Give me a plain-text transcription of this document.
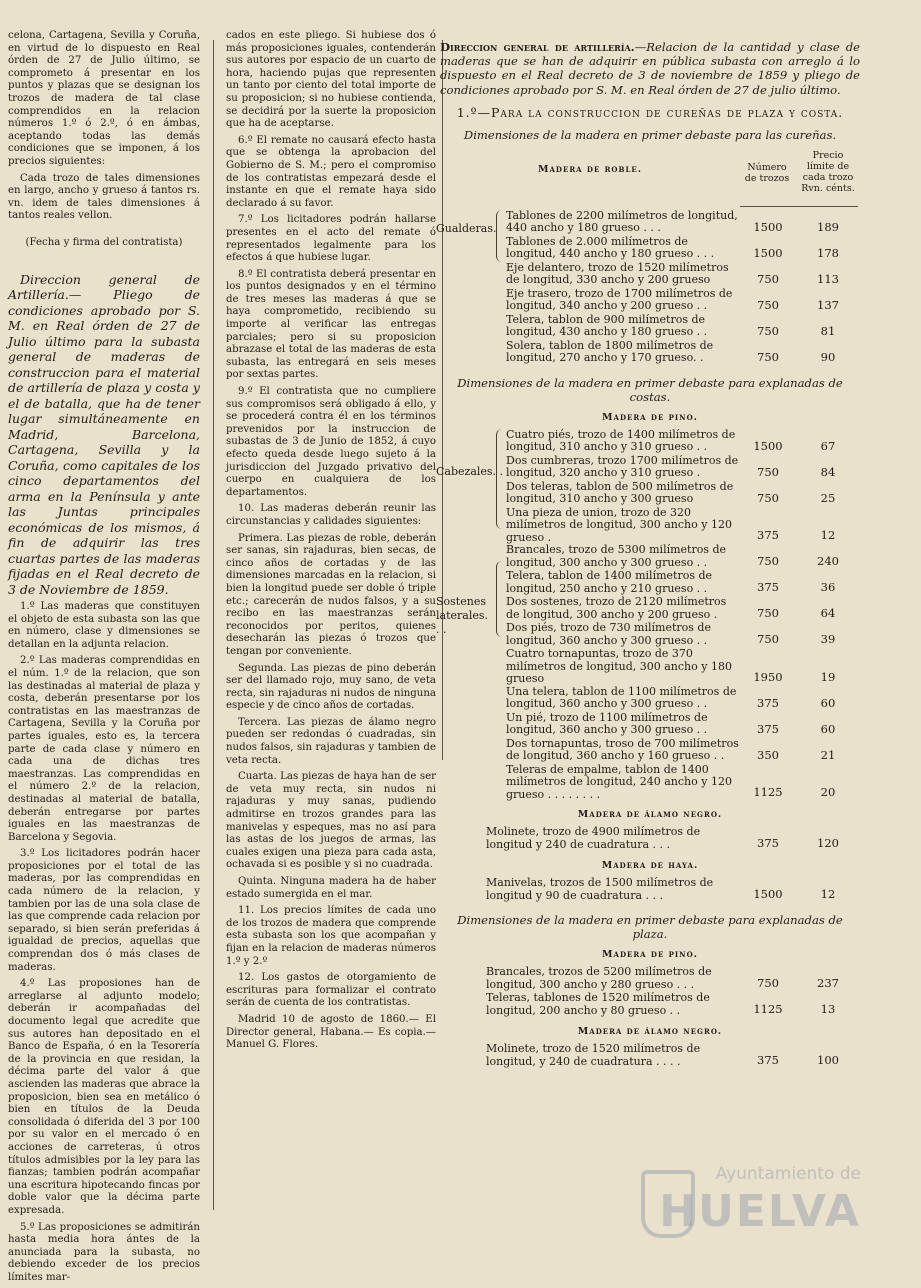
celona, Cartagena, Sevilla y Coruña, en virtud de lo dispuesto en Real órden de 27 de Julio último, se comprometo á presentar en los puntos y plazas que se designan los trozos de madera de tal clase comprendidos en la relacion números 1.º ó 2.º, ó en ámbas, aceptando todas las demás condiciones que se imponen, á los precios siguientes:

Cada trozo de tales dimensiones en largo, ancho y grueso á tantos rs. vn. idem de tales dimensiones á tantos reales vellon.

(Fecha y firma del contratista)

Direccion general de Artillería.— Pliego de condiciones aprobado por S. M. en Real órden de 27 de Julio último para la subasta general de maderas de construccion para el material de artillería de plaza y costa y el de batalla, que ha de tener lugar simultáneamente en Madrid, Barcelona, Cartagena, Sevilla y la Coruña, como capitales de los cinco departamentos del arma en la Península y ante las Juntas principales económicas de los mismos, á fin de adquirir las tres cuartas partes de las maderas fijadas en el Real decreto de 3 de Noviembre de 1859.

1.º Las maderas que constituyen el objeto de esta subasta son las que en número, clase y dimensiones se detallan en la adjunta relacion.

2.º Las maderas comprendidas en el núm. 1.º de la relacion, que son las destinadas al material de plaza y costa, deberán presentarse por los contratistas en las maestranzas de Cartagena, Sevilla y la Coruña por partes iguales, esto es, la tercera parte de cada clase y número en cada una de dichas tres maestranzas. Las comprendidas en el número 2.º de la relacion, destinadas al material de batalla, deberán entregarse por partes iguales en las maestranzas de Barcelona y Segovia.

3.º Los licitadores podrán hacer proposiciones por el total de las maderas, por las comprendidas en cada número de la relacion, y tambien por las de una sola clase de las que comprende cada relacion por separado, si bien serán preferidas á igualdad de precios, aquellas que comprendan dos ó más clases de maderas.

4.º Las proposiones han de arreglarse al adjunto modelo; deberán ir acompañadas del documento legal que acredite que sus autores han depositado en el Banco de España, ó en la Tesorería de la provincia en que residan, la décima parte del valor á que ascienden las maderas que abrace la proposicion, bien sea en metálico ó bien en títulos de la Deuda consolidada ó diferida del 3 por 100 por su valor en el mercado ó en acciones de carreteras, ú otros títulos admisibles por la ley para las fianzas; tambien podrán acompañar una escritura hipotecando fincas por doble valor que la décima parte expresada.

5.º Las proposiciones se admitirán hasta media hora ántes de la anunciada para la subasta, no debiendo exceder de los precios límites mar-

cados en este pliego. Si hubiese dos ó más proposiciones iguales, contenderán sus autores por espacio de un cuarto de hora, haciendo pujas que representen un tanto por ciento del total importe de su proposicion; si no hubiese contienda, se decidirá por la suerte la proposicion que ha de aceptarse.

6.º El remate no causará efecto hasta que se obtenga la aprobacion del Gobierno de S. M.; pero el compromiso de los contratistas empezará desde el instante en que el remate haya sido declarado á su favor.

7.º Los licitadores podrán hallarse presentes en el acto del remate ó representados legalmente para los efectos á que hubiese lugar.

8.º El contratista deberá presentar en los puntos designados y en el término de tres meses las maderas á que se haya comprometido, recibiendo su importe al verificar las entregas parciales; pero si su proposicion abrazase el total de las maderas de esta subasta, las entregará en seis meses por sextas partes.

9.º El contratista que no cumpliere sus compromisos será obligado á ello, y se procederá contra él en los términos prevenidos por la instruccion de subastas de 3 de Junio de 1852, á cuyo efecto queda desde luego sujeto á la jurisdiccion del Juzgado privativo del cuerpo en cualquiera de los departamentos.

10. Las maderas deberán reunir las circunstancias y calidades siguientes:

Primera. Las piezas de roble, deberán ser sanas, sin rajaduras, bien secas, de cinco años de cortadas y de las dimensiones marcadas en la relacion, si bien la longitud puede ser doble ó triple etc.; carecerán de nudos falsos, y a su recibo en las maestranzas serán reconocidos por peritos, quienes desecharán las piezas ó trozos que tengan por conveniente.

Segunda. Las piezas de pino deberán ser del llamado rojo, muy sano, de veta recta, sin rajaduras ni nudos de ninguna especie y de cinco años de cortadas.

Tercera. Las piezas de álamo negro pueden ser redondas ó cuadradas, sin nudos falsos, sin rajaduras y tambien de veta recta.

Cuarta. Las piezas de haya han de ser de veta muy recta, sin nudos ni rajaduras y muy sanas, pudiendo admitirse en trozos grandes para las manivelas y espeques, mas no así para las astas de los juegos de armas, las cuales exigen una pieza para cada asta, ochavada si es posible y si no cuadrada.

Quinta. Ninguna madera ha de haber estado sumergida en el mar.

11. Los precios límites de cada uno de los trozos de madera que comprende esta subasta son los que acompañan y fijan en la relacion de maderas números 1.º y 2.º

12. Los gastos de otorgamiento de escrituras para formalizar el contrato serán de cuenta de los contratistas.

Madrid 10 de agosto de 1860.— El Director general, Habana.— Es copia.—Manuel G. Flores.

Direccion general de artillería.—Relacion de la cantidad y clase de maderas que se han de adquirir en pública subasta con arreglo á lo dispuesto en el Real decreto de 3 de noviembre de 1859 y pliego de condiciones aprobado por S. M. en Real órden de 27 de julio último.

1.º—Para la construccion de cureñas de plaza y costa.
Dimensiones de la madera en primer debaste para las cureñas.
Madera de roble.	Número de trozos
Precio límite de cada trozo Rvn. cénts.
Gualderas.
Tablones de 2200 milímetros de longitud, 440 ancho y 180 grueso . . .	1500	189
Tablones de 2.000 milímetros de longitud, 440 ancho y 180 grueso . . .	1500	178
Eje delantero, trozo de 1520 milímetros de longitud, 330 ancho y 200 grueso	750	113
Eje trasero, trozo de 1700 milímetros de longitud, 340 ancho y 200 grueso . .	750	137
Telera, tablon de 900 milímetros de longitud, 430 ancho y 180 grueso . .	750	81
Solera, tablon de 1800 milímetros de longitud, 270 ancho y 170 grueso. .	750	90
Dimensiones de la madera en primer debaste para explanadas de costas.
Madera de pino.
Cabezales. .
Sostenes laterales. . .
Cuatro piés, trozo de 1400 milímetros de longitud, 310 ancho y 310 grueso . .	1500	67
Dos cumbreras, trozo 1700 milímetros de longitud, 320 ancho y 310 grueso .	750	84
Dos teleras, tablon de 500 milímetros de longitud, 310 ancho y 300 grueso	750	25
Una pieza de union, trozo de 320 milímetros de longitud, 300 ancho y 120 grueso .	375	12
Brancales, trozo de 5300 milímetros de longitud, 300 ancho y 300 grueso . .	750	240
Telera, tablon de 1400 milímetros de longitud, 250 ancho y 210 grueso . .	375	36
Dos sostenes, trozo de 2120 milímetros de longitud, 300 ancho y 200 grueso .	750	64
Dos piés, trozo de 730 milímetros de longitud, 360 ancho y 300 grueso . .	750	39
Cuatro tornapuntas, trozo de 370 milímetros de longitud, 300 ancho y 180 grueso	1950	19
Una telera, tablon de 1100 milímetros de longitud, 360 ancho y 300 grueso . .	375	60
Un pié, trozo de 1100 milímetros de longitud, 360 ancho y 300 grueso . .	375	60
Dos tornapuntas, troso de 700 milímetros de longitud, 360 ancho y 160 grueso . .	350	21
Teleras de empalme, tablon de 1400 milímetros de longitud, 240 ancho y 120 grueso . . . . . . . .	1125	20
Madera de álamo negro.
Molinete, trozo de 4900 milímetros de longitud y 240 de cuadratura . . .	375	120
Madera de haya.
Manivelas, trozos de 1500 milímetros de longitud y 90 de cuadratura . . .	1500	12
Dimensiones de la madera en primer debaste para explanadas de plaza.
Madera de pino.
Brancales, trozos de 5200 milímetros de longitud, 300 ancho y 280 grueso . . .	750	237
Teleras, tablones de 1520 milímetros de longitud, 200 ancho y 80 grueso . .	1125	13
Madera de álamo negro.
Molinete, trozo de 1520 milímetros de longitud, y 240 de cuadratura . . . .	375	100
Ayuntamiento de
HUELVA
